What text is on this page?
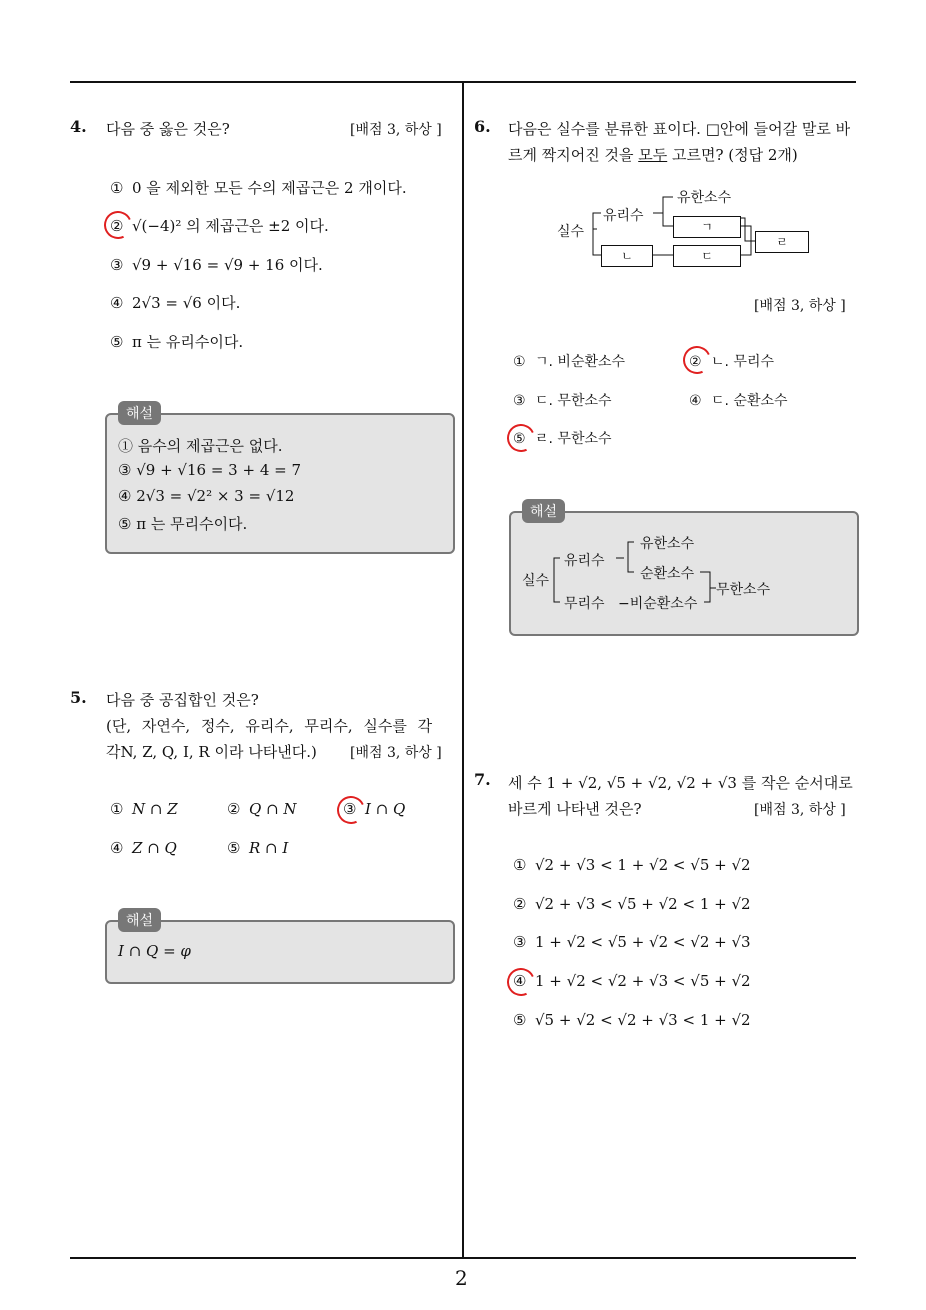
2
4. 다음 중 옳은 것은?	[배점 3, 하상 ]
① 0 을 제외한 모든 수의 제곱근은 2 개이다.
② √(−4)² 의 제곱근은 ±2 이다.
③ √9 + √16 = √9 + 16 이다.
④ 2√3 = √6 이다.
⑤ π 는 유리수이다.
해설
① 음수의 제곱근은 없다.
③ √9 + √16 = 3 + 4 = 7
④ 2√3 = √2² × 3 = √12
⑤ π 는 무리수이다.
5. 다음 중 공집합인 것은?
(단, 자연수, 정수, 유리수, 무리수, 실수를 각
각N, Z, Q, I, R 이라 나타낸다.) [배점 3, 하상 ]
① N ∩ Z	② Q ∩ N	③ I ∩ Q
④ Z ∩ Q	⑤ R ∩ I
해설
I ∩ Q = φ
6. 다음은 실수를 분류한 표이다. □안에 들어갈 말로 바
르게 짝지어진 것을 모두 고르면? (정답 2개)
실수
유리수
유한소수
ㄱ
ㄴ	ㄷ
ㄹ
[배점 3, 하상 ]
① ㄱ. 비순환소수	② ㄴ. 무리수
③ ㄷ. 무한소수	④ ㄷ. 순환소수
⑤ ㄹ. 무한소수
해설
실수
유리수
유한소수
순환소수
무리수 −비순환소수
무한소수
7. 세 수 1 + √2, √5 + √2, √2 + √3 를 작은 순서대로
바르게 나타낸 것은?	[배점 3, 하상 ]
① √2 + √3 < 1 + √2 < √5 + √2
② √2 + √3 < √5 + √2 < 1 + √2
③ 1 + √2 < √5 + √2 < √2 + √3
④ 1 + √2 < √2 + √3 < √5 + √2
⑤ √5 + √2 < √2 + √3 < 1 + √2
